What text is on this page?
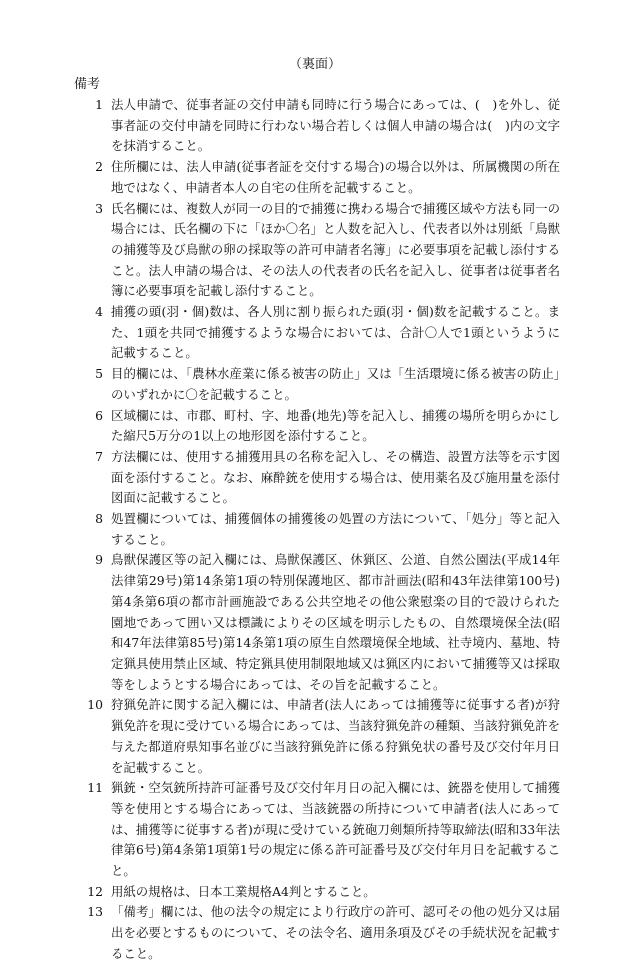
（裏面）
備考
1 法人申請で、従事者証の交付申請も同時に行う場合にあっては、(　)を外し、従事者証の交付申請を同時に行わない場合若しくは個人申請の場合は(　)内の文字を抹消すること。
2 住所欄には、法人申請(従事者証を交付する場合)の場合以外は、所属機関の所在地ではなく、申請者本人の自宅の住所を記載すること。
3 氏名欄には、複数人が同一の目的で捕獲に携わる場合で捕獲区域や方法も同一の場合には、氏名欄の下に「ほか〇名」と人数を記入し、代表者以外は別紙「鳥獣の捕獲等及び鳥獣の卵の採取等の許可申請者名簿」に必要事項を記載し添付すること。法人申請の場合は、その法人の代表者の氏名を記入し、従事者は従事者名簿に必要事項を記載し添付すること。
4 捕獲の頭(羽・個)数は、各人別に割り振られた頭(羽・個)数を記載すること。また、1頭を共同で捕獲するような場合においては、合計〇人で1頭というように記載すること。
5 目的欄には、「農林水産業に係る被害の防止」又は「生活環境に係る被害の防止」のいずれかに〇を記載すること。
6 区域欄には、市郡、町村、字、地番(地先)等を記入し、捕獲の場所を明らかにした縮尺5万分の1以上の地形図を添付すること。
7 方法欄には、使用する捕獲用具の名称を記入し、その構造、設置方法等を示す図面を添付すること。なお、麻酔銃を使用する場合は、使用薬名及び施用量を添付図面に記載すること。
8 処置欄については、捕獲個体の捕獲後の処置の方法について、「処分」等と記入すること。
9 鳥獣保護区等の記入欄には、鳥獣保護区、休猟区、公道、自然公園法(平成14年法律第29号)第14条第1項の特別保護地区、都市計画法(昭和43年法律第100号)第4条第6項の都市計画施設である公共空地その他公衆慰楽の目的で設けられた園地であって囲い又は標識によりその区域を明示したもの、自然環境保全法(昭和47年法律第85号)第14条第1項の原生自然環境保全地域、社寺境内、墓地、特定猟具使用禁止区域、特定猟具使用制限地域又は猟区内において捕獲等又は採取等をしようとする場合にあっては、その旨を記載すること。
10 狩猟免許に関する記入欄には、申請者(法人にあっては捕獲等に従事する者)が狩猟免許を現に受けている場合にあっては、当該狩猟免許の種類、当該狩猟免許を与えた都道府県知事名並びに当該狩猟免許に係る狩猟免状の番号及び交付年月日を記載すること。
11 猟銃・空気銃所持許可証番号及び交付年月日の記入欄には、銃器を使用して捕獲等を使用とする場合にあっては、当該銃器の所持について申請者(法人にあっては、捕獲等に従事する者)が現に受けている銃砲刀剣類所持等取締法(昭和33年法律第6号)第4条第1項第1号の規定に係る許可証番号及び交付年月日を記載すること。
12 用紙の規格は、日本工業規格A4判とすること。
13 「備考」欄には、他の法令の規定により行政庁の許可、認可その他の処分又は届出を必要とするものについて、その法令名、適用条項及びその手続状況を記載すること。
